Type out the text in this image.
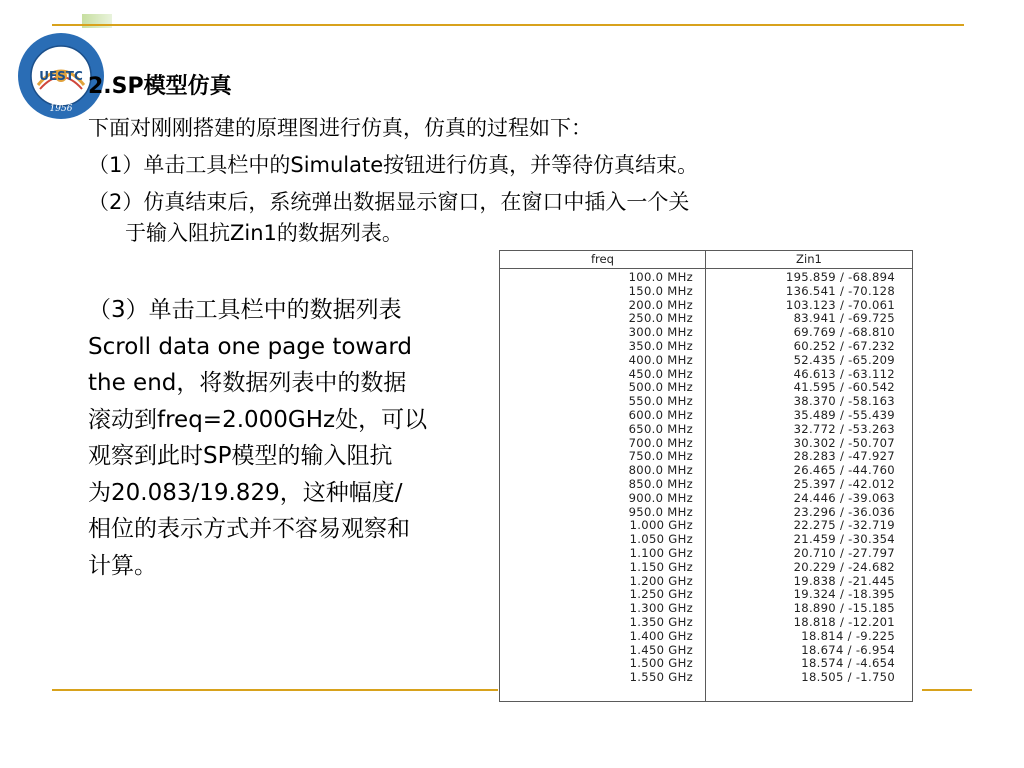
UESTC
1956
2.SP模型仿真
下面对刚刚搭建的原理图进行仿真，仿真的过程如下：
（1）单击工具栏中的Simulate按钮进行仿真，并等待仿真结束。
（2）仿真结束后，系统弹出数据显示窗口，在窗口中插入一个关
于输入阻抗Zin1的数据列表。
（3）单击工具栏中的数据列表
Scroll data one page toward
the end，将数据列表中的数据
滚动到freq=2.000GHz处，可以
观察到此时SP模型的输入阻抗
为20.083/19.829，这种幅度/
相位的表示方式并不容易观察和
计算。
freq	Zin1
100.0 MHz	195.859 / -68.894
150.0 MHz	136.541 / -70.128
200.0 MHz	103.123 / -70.061
250.0 MHz	83.941 / -69.725
300.0 MHz	69.769 / -68.810
350.0 MHz	60.252 / -67.232
400.0 MHz	52.435 / -65.209
450.0 MHz	46.613 / -63.112
500.0 MHz	41.595 / -60.542
550.0 MHz	38.370 / -58.163
600.0 MHz	35.489 / -55.439
650.0 MHz	32.772 / -53.263
700.0 MHz	30.302 / -50.707
750.0 MHz	28.283 / -47.927
800.0 MHz	26.465 / -44.760
850.0 MHz	25.397 / -42.012
900.0 MHz	24.446 / -39.063
950.0 MHz	23.296 / -36.036
1.000 GHz	22.275 / -32.719
1.050 GHz	21.459 / -30.354
1.100 GHz	20.710 / -27.797
1.150 GHz	20.229 / -24.682
1.200 GHz	19.838 / -21.445
1.250 GHz	19.324 / -18.395
1.300 GHz	18.890 / -15.185
1.350 GHz	18.818 / -12.201
1.400 GHz	18.814 / -9.225
1.450 GHz	18.674 / -6.954
1.500 GHz	18.574 / -4.654
1.550 GHz	18.505 / -1.750
